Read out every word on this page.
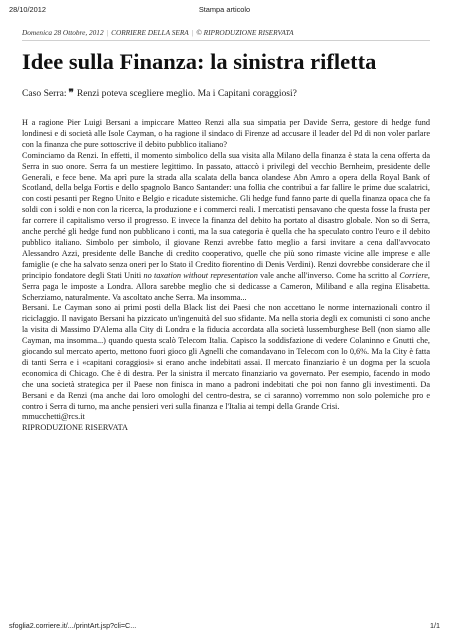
28/10/2012	Stampa articolo
Domenica 28 Ottobre, 2012 | CORRIERE DELLA SERA | © RIPRODUZIONE RISERVATA
Idee sulla Finanza: la sinistra rifletta
Caso Serra: ❞ Renzi poteva scegliere meglio. Ma i Capitani coraggiosi?

H a ragione Pier Luigi Bersani a impiccare Matteo Renzi alla sua simpatia per Davide Serra, gestore di hedge fund londinesi e di società alle Isole Cayman, o ha ragione il sindaco di Firenze ad accusare il leader del Pd di non voler parlare con la finanza che pure sottoscrive il debito pubblico italiano?

Cominciamo da Renzi. In effetti, il momento simbolico della sua visita alla Milano della finanza è stata la cena offerta da Serra in suo onore. Serra fa un mestiere legittimo. In passato, attaccò i privilegi del vecchio Bernheim, presidente delle Generali, e fece bene. Ma aprì pure la strada alla scalata della banca olandese Abn Amro a opera della Royal Bank of Scotland, della belga Fortis e dello spagnolo Banco Santander: una follia che contribuì a far fallire le prime due scalatrici, con costi pesanti per Regno Unito e Belgio e ricadute sistemiche. Gli hedge fund fanno parte di quella finanza opaca che fa soldi con i soldi e non con la ricerca, la produzione e i commerci reali. I mercatisti pensavano che questa fosse la frusta per far correre il capitalismo verso il progresso. E invece la finanza del debito ha portato al disastro globale. Non so di Serra, anche perché gli hedge fund non pubblicano i conti, ma la sua categoria è quella che ha speculato contro l'euro e il debito pubblico italiano. Simbolo per simbolo, il giovane Renzi avrebbe fatto meglio a farsi invitare a cena dall'avvocato Alessandro Azzi, presidente delle Banche di credito cooperativo, quelle che più sono rimaste vicine alle imprese e alle famiglie (e che ha salvato senza oneri per lo Stato il Credito fiorentino di Denis Verdini). Renzi dovrebbe considerare che il principio fondatore degli Stati Uniti no taxation without representation vale anche all'inverso. Come ha scritto al Corriere, Serra paga le imposte a Londra. Allora sarebbe meglio che si dedicasse a Cameron, Miliband e alla regina Elisabetta. Scherziamo, naturalmente. Va ascoltato anche Serra. Ma insomma...

Bersani. Le Cayman sono ai primi posti della Black list dei Paesi che non accettano le norme internazionali contro il riciclaggio. Il navigato Bersani ha pizzicato un'ingenuità del suo sfidante. Ma nella storia degli ex comunisti ci sono anche la visita di Massimo D'Alema alla City di Londra e la fiducia accordata alla società lussemburghese Bell (non siamo alle Cayman, ma insomma...) quando questa scalò Telecom Italia. Capisco la soddisfazione di vedere Colaninno e Gnutti che, giocando sul mercato aperto, mettono fuori gioco gli Agnelli che comandavano in Telecom con lo 0,6%. Ma la City è fatta di tanti Serra e i «capitani coraggiosi» si erano anche indebitati assai. Il mercato finanziario è un dogma per la scuola economica di Chicago. Che è di destra. Per la sinistra il mercato finanziario va governato. Per esempio, facendo in modo che una società strategica per il Paese non finisca in mano a padroni indebitati che poi non fanno gli investimenti. Da Bersani e da Renzi (ma anche dai loro omologhi del centro-destra, se ci saranno) vorremmo non solo polemiche pro e contro i Serra di turno, ma anche pensieri veri sulla finanza e l'Italia ai tempi della Grande Crisi.

mmucchetti@rcs.it

RIPRODUZIONE RISERVATA

sfoglia2.corriere.it/.../printArt.jsp?cli=C...	1/1
